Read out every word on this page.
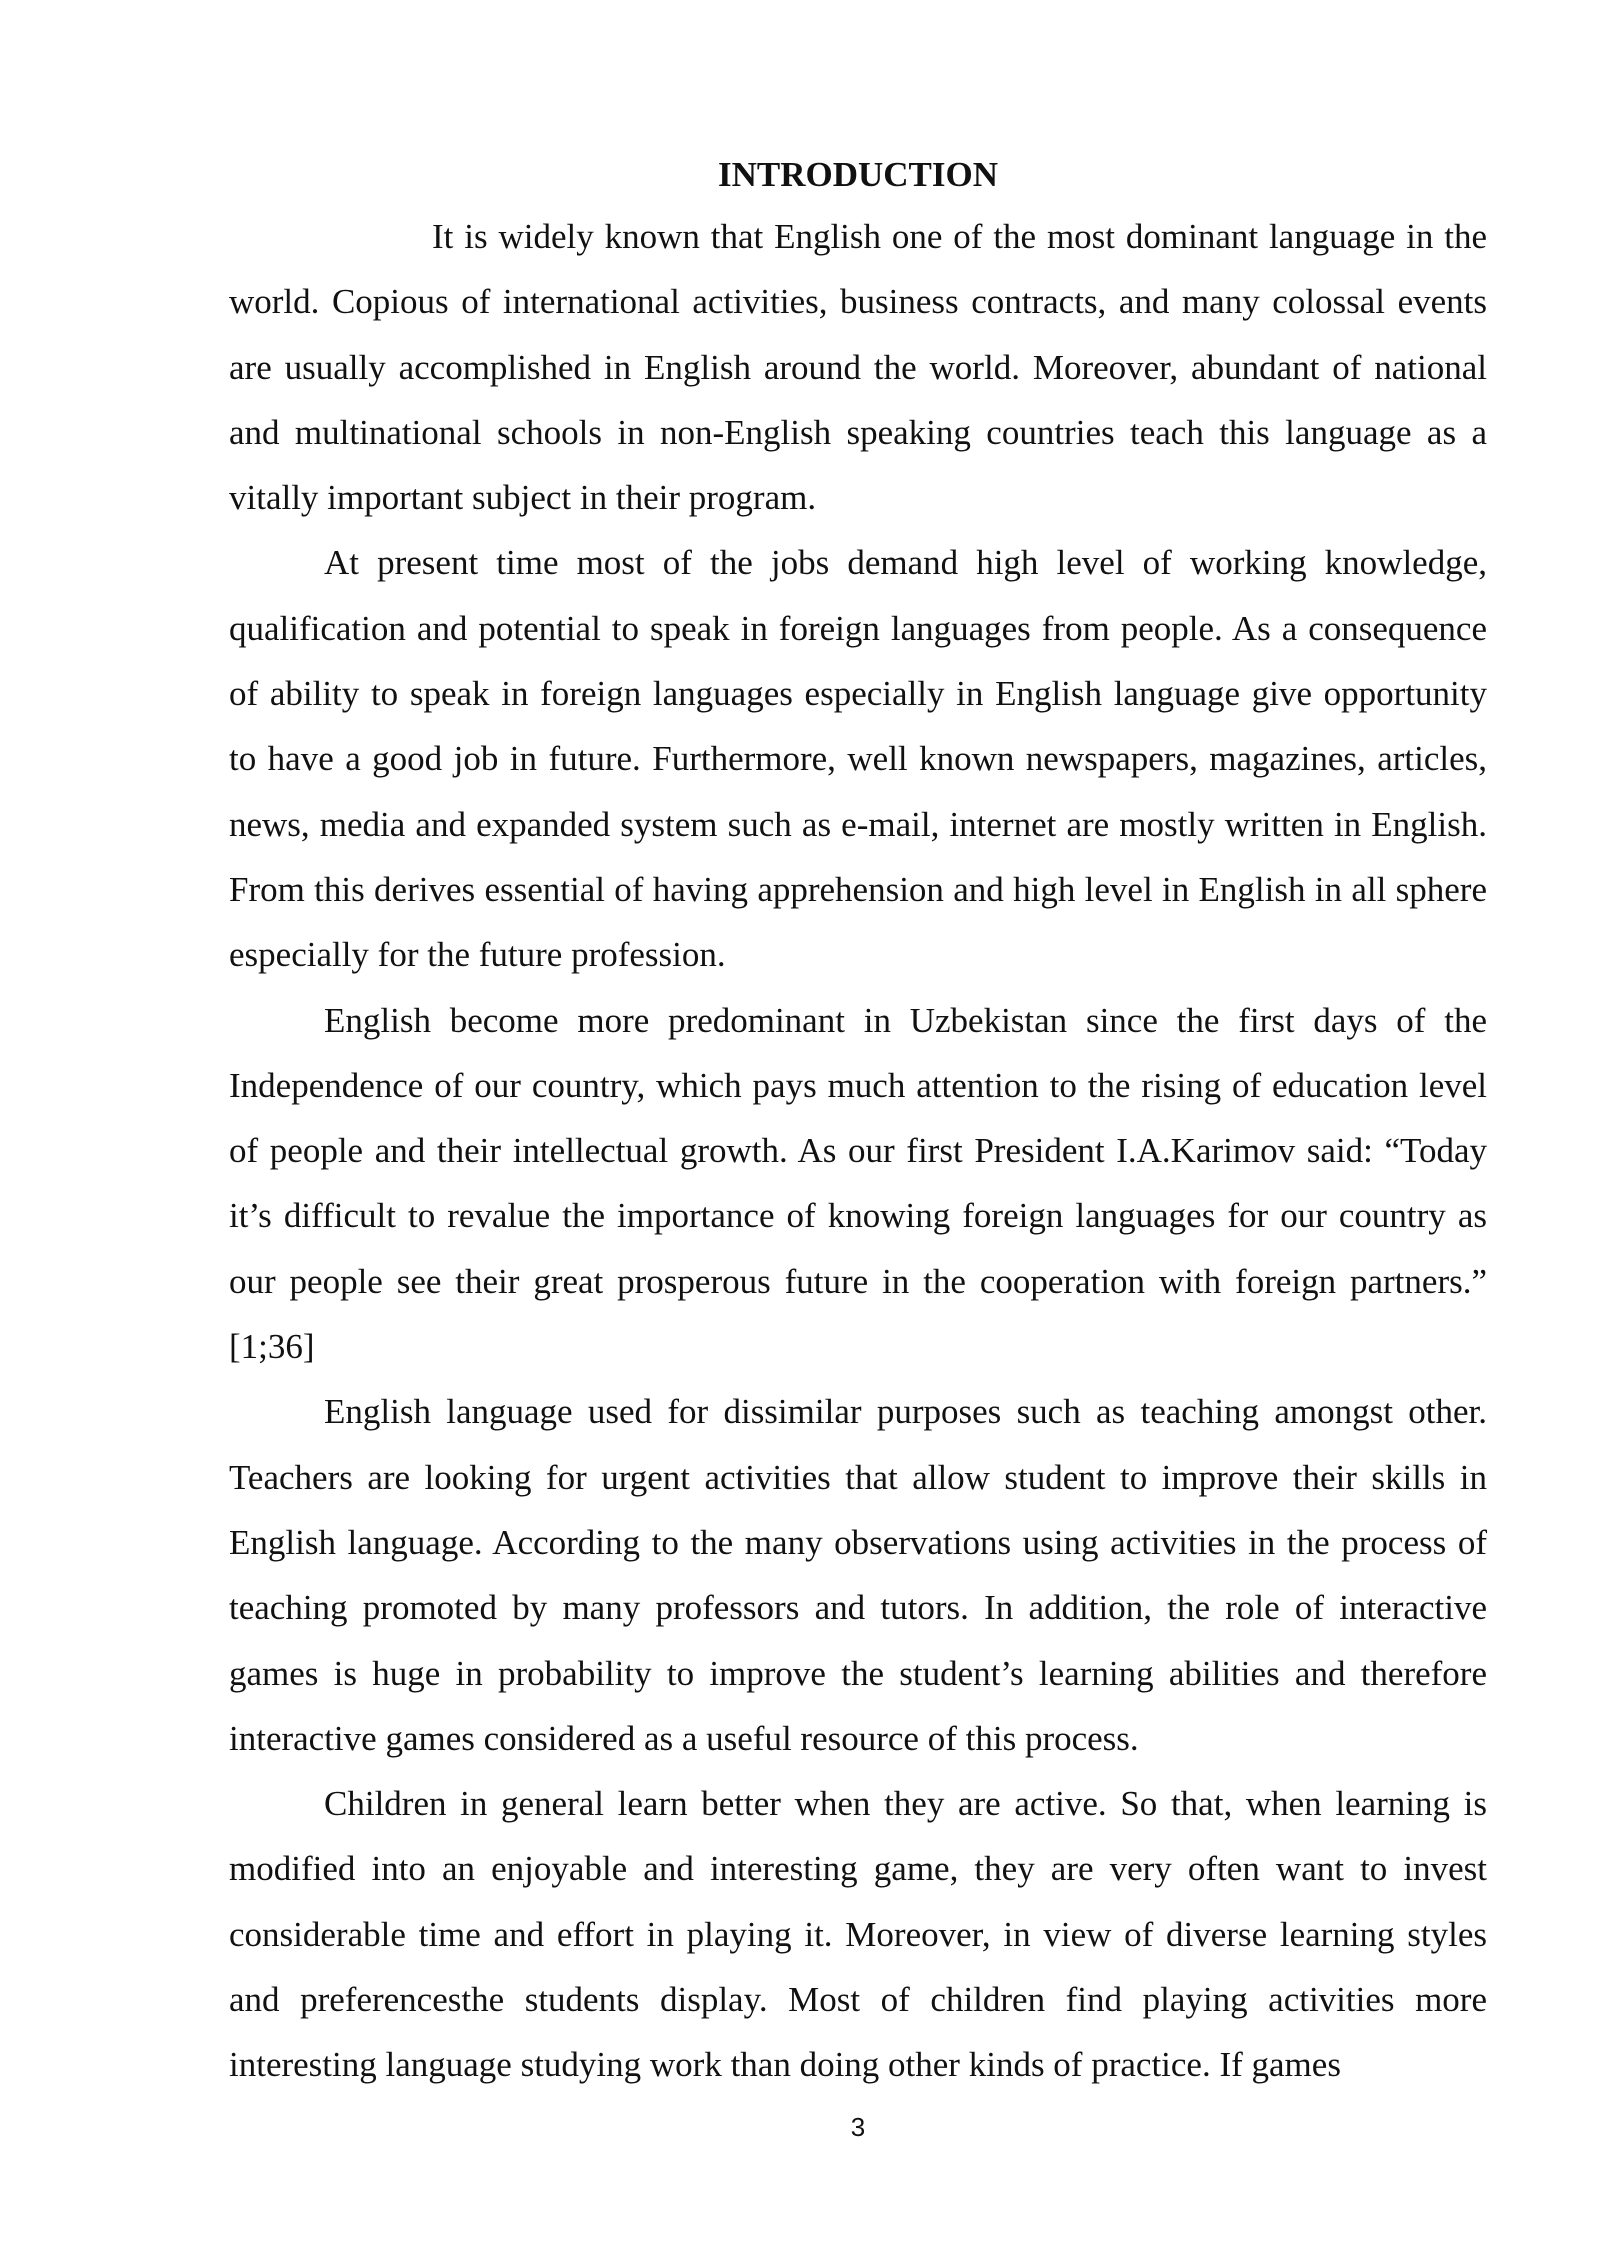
INTRODUCTION

It is widely known that English one of the most dominant language in the world. Copious of international activities, business contracts, and many colossal events are usually accomplished in English around the world. Moreover, abundant of national and multinational schools in non-English speaking countries teach this language as a vitally important subject in their program.

At present time most of the jobs demand high level of working knowledge, qualification and potential to speak in foreign languages from people. As a consequence of ability to speak in foreign languages especially in English language give opportunity to have a good job in future. Furthermore, well known newspapers, magazines, articles, news, media and expanded system such as e-mail, internet are mostly written in English. From this derives essential of having apprehension and high level in English in all sphere especially for the future profession.

English become more predominant in Uzbekistan since the first days of the Independence of our country, which pays much attention to the rising of education level of people and their intellectual growth. As our first President I.A.Karimov said: “Today it’s difficult to revalue the importance of knowing foreign languages for our country as our people see their great prosperous future in the cooperation with foreign partners.” [1;36]

English language used for dissimilar purposes such as teaching amongst other. Teachers are looking for urgent activities that allow student to improve their skills in English language. According to the many observations using activities in the process of teaching promoted by many professors and tutors. In addition, the role of interactive games is huge in probability to improve the student’s learning abilities and therefore interactive games considered as a useful resource of this process.

Children in general learn better when they are active. So that, when learning is modified into an enjoyable and interesting game, they are very often want to invest considerable time and effort in playing it. Moreover, in view of diverse learning styles and preferencesthe students display. Most of children find playing activities more interesting language studying work than doing other kinds of practice. If games

3
